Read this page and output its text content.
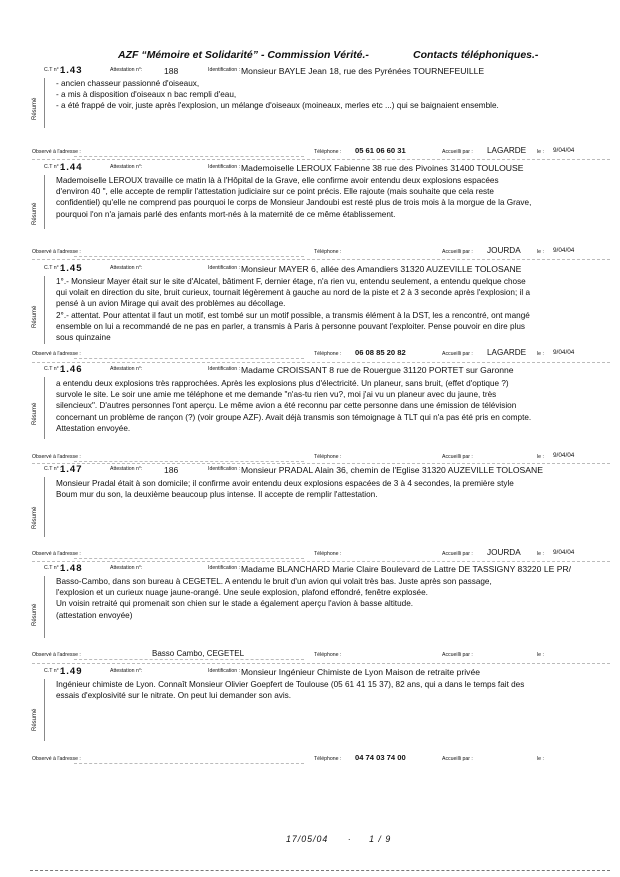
AZF “Mémoire et Solidarité” - Commission Vérité.-	Contacts téléphoniques.-
C.T n° :
1.43	Attestation n°:	188	Identification : Monsieur BAYLE Jean 18, rue des Pyrénées TOURNEFEUILLE

- ancien chasseur passionné d'oiseaux,

- a mis à disposition d'oiseaux n bac rempli d'eau,

- a été frappé de voir, juste après l'explosion, un mélange d'oiseaux (moineaux, merles etc ...) qui se baignaient ensemble.

Résumé
Observé à l'adresse :	Téléphone : 05 61 06 60 31	Accueilli par : LAGARDE le : 9/04/04
C.T n° :
1.44	Attestation n°:	Identification : Mademoiselle LEROUX Fabienne 38 rue des Pivoines 31400 TOULOUSE

Mademoiselle LEROUX travaille ce matin là à l'Hôpital de la Grave, elle confirme avoir entendu deux explosions espacées

d'environ 40 ", elle accepte de remplir l'attestation judiciaire sur ce point précis. Elle rajoute (mais souhaite que cela reste

confidentiel) qu'elle ne comprend pas pourquoi le corps de Monsieur Jandoubi est resté plus de trois mois à la morgue de la Grave,

pourquoi l'on n'a jamais parlé des enfants mort-nés à la maternité de ce même établissement.

Résumé
Observé à l'adresse :	Téléphone :	Accueilli par : JOURDA	le : 9/04/04
C.T n° :
1.45	Attestation n°:	Identification : Monsieur MAYER 6, allée des Amandiers 31320 AUZEVILLE TOLOSANE

1°.- Monsieur Mayer était sur le site d'Alcatel, bâtiment F, dernier étage, n'a rien vu, entendu seulement, a entendu quelque chose

qui volait en direction du site, bruit curieux, tournait légèrement à gauche au nord de la piste et 2 à 3 seconde après l'explosion; il a

pensé à un avion Mirage qui avait des problèmes au décollage.

2°.- attentat. Pour attentat il faut un motif, est tombé sur un motif possible, a transmis élément à la DST, les a rencontré, ont mangé

ensemble on lui a recommandé de ne pas en parler, a transmis à Paris à personne pouvant l'exploiter. Pense pouvoir en dire plus

sous quinzaine

Résumé
Observé à l'adresse :	Téléphone : 06 08 85 20 82	Accueilli par : LAGARDE le : 9/04/04
C.T n° :
1.46	Attestation n°:	Identification : Madame CROISSANT 8 rue de Rouergue 31120 PORTET sur Garonne

a entendu deux explosions très rapprochées. Après les explosions plus d'électricité. Un planeur, sans bruit, (effet d'optique ?)

survole le site. Le soir une amie me téléphone et me demande "n'as-tu rien vu?, moi j'ai vu un planeur avec du jaune, très

silencieux". D'autres personnes l'ont aperçu. Le même avion a été reconnu par cette personne dans une émission de télévision

concernant un problème de rançon (?) (voir groupe AZF). Avait déjà transmis son témoignage à TLT qui n'a pas été pris en compte.

Attestation envoyée.

Résumé
Observé à l'adresse :	Téléphone :	Accueilli par :	le : 9/04/04
C.T n° :
1.47	Attestation n°:	186	Identification : Monsieur PRADAL Alain 36, chemin de l'Eglise 31320 AUZEVILLE TOLOSANE

Monsieur Pradal était à son domicile; il confirme avoir entendu deux explosions espacées de 3 à 4 secondes, la première style

Boum mur du son, la deuxième beaucoup plus intense. Il accepte de remplir l'attestation.

Résumé
Observé à l'adresse :	Téléphone :	Accueilli par : JOURDA	le : 9/04/04
C.T n° :
1.48	Attestation n°:	Identification : Madame BLANCHARD Marie Claire Boulevard de Lattre DE TASSIGNY 83220 LE PR/

Basso-Cambo, dans son bureau à CEGETEL. A entendu le bruit d'un avion qui volait très bas. Juste après son passage,

l'explosion et un curieux nuage jaune-orangé. Une seule explosion, plafond effondré, fenêtre explosée.

Un voisin retraité qui promenait son chien sur le stade a également aperçu l'avion à basse altitude.

(attestation envoyée)

Résumé
Observé à l'adresse :	Basso Cambo, CEGETEL	Téléphone :	Accueilli par :	le :
C.T n° :
1.49	Attestation n°:	Identification : Monsieur Ingénieur Chimiste de Lyon Maison de retraite privée

Ingénieur chimiste de Lyon. Connaît Monsieur Olivier Goepfert de Toulouse (05 61 41 15 37), 82 ans, qui a dans le temps fait des

essais d'explosivité sur le nitrate. On peut lui demander son avis.

Résumé
Observé à l'adresse :	Téléphone : 04 74 03 74 00	Accueilli par :	le :
17/05/04 · 1 / 9
